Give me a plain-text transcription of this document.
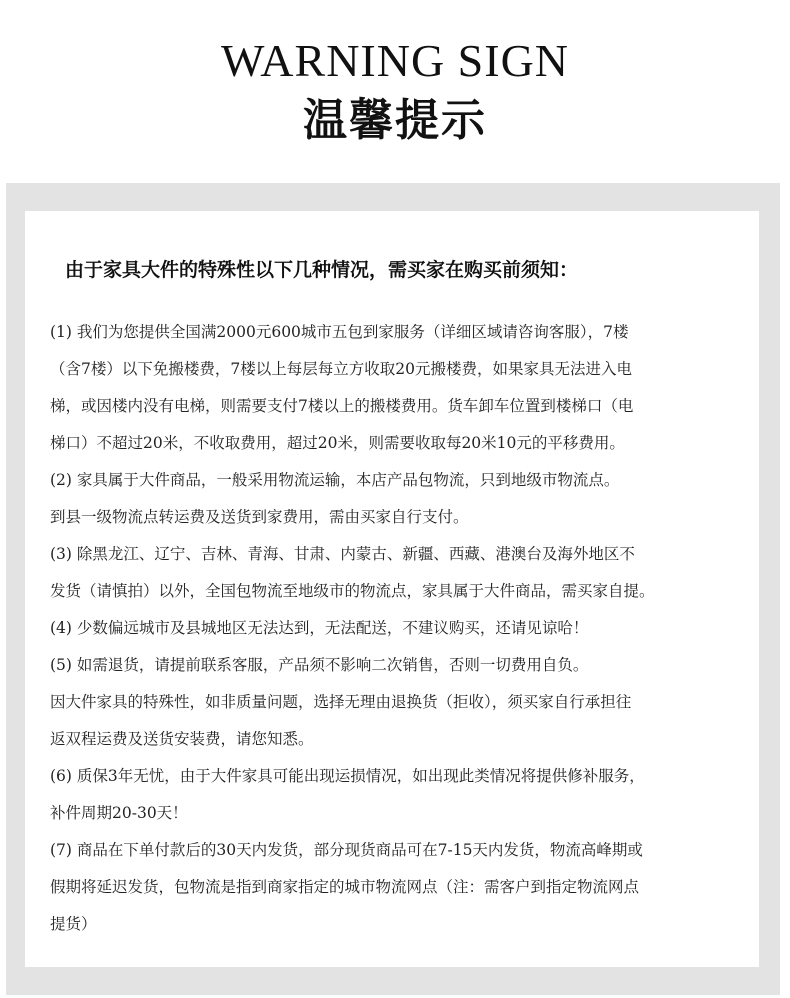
WARNING SIGN
温馨提示
由于家具大件的特殊性以下几种情况，需买家在购买前须知：
(1) 我们为您提供全国满2000元600城市五包到家服务（详细区域请咨询客服），7楼
（含7楼）以下免搬楼费，7楼以上每层每立方收取20元搬楼费，如果家具无法进入电
梯，或因楼内没有电梯，则需要支付7楼以上的搬楼费用。货车卸车位置到楼梯口（电
梯口）不超过20米，不收取费用，超过20米，则需要收取每20米10元的平移费用。
(2) 家具属于大件商品，一般采用物流运输，本店产品包物流，只到地级市物流点。
到县一级物流点转运费及送货到家费用，需由买家自行支付。
(3) 除黑龙江、辽宁、吉林、青海、甘肃、内蒙古、新疆、西藏、港澳台及海外地区不
发货（请慎拍）以外，全国包物流至地级市的物流点，家具属于大件商品，需买家自提。
(4) 少数偏远城市及县城地区无法达到，无法配送，不建议购买，还请见谅哈！
(5) 如需退货，请提前联系客服，产品须不影响二次销售，否则一切费用自负。
因大件家具的特殊性，如非质量问题，选择无理由退换货（拒收），须买家自行承担往
返双程运费及送货安装费，请您知悉。
(6) 质保3年无忧，由于大件家具可能出现运损情况，如出现此类情况将提供修补服务，
补件周期20-30天！
(7) 商品在下单付款后的30天内发货，部分现货商品可在7-15天内发货，物流高峰期或
假期将延迟发货，包物流是指到商家指定的城市物流网点（注：需客户到指定物流网点
提货）
